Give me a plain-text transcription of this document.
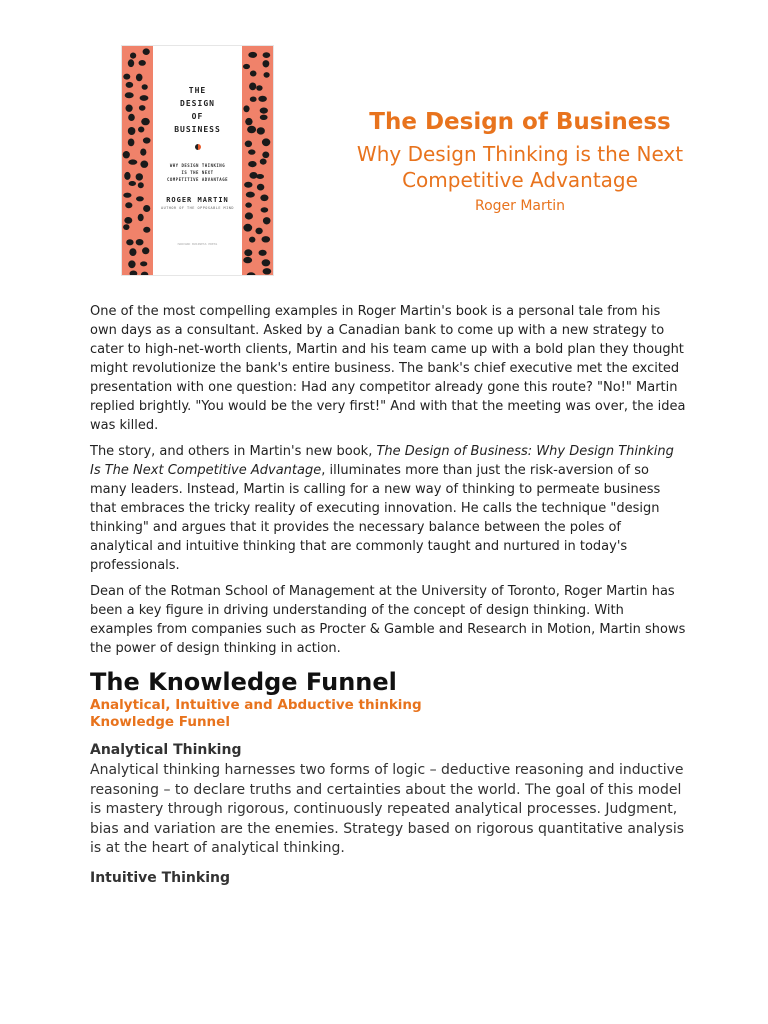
THE
DESIGN
OF
BUSINESS
WHY DESIGN THINKING
IS THE NEXT
COMPETITIVE ADVANTAGE
ROGER MARTIN
AUTHOR OF THE OPPOSABLE MIND
HARVARD BUSINESS PRESS
The Design of Business
Why Design Thinking is the Next Competitive Advantage
Roger Martin

One of the most compelling examples in Roger Martin's book is a personal tale from his own days as a consultant. Asked by a Canadian bank to come up with a new strategy to cater to high-net-worth clients, Martin and his team came up with a bold plan they thought might revolutionize the bank's entire business. The bank's chief executive met the excited presentation with one question: Had any competitor already gone this route? "No!" Martin replied brightly. "You would be the very first!" And with that the meeting was over, the idea was killed.

The story, and others in Martin's new book, The Design of Business: Why Design Thinking Is The Next Competitive Advantage, illuminates more than just the risk-aversion of so many leaders. Instead, Martin is calling for a new way of thinking to permeate business that embraces the tricky reality of executing innovation. He calls the technique "design thinking" and argues that it provides the necessary balance between the poles of analytical and intuitive thinking that are commonly taught and nurtured in today's professionals.

Dean of the Rotman School of Management at the University of Toronto, Roger Martin has been a key figure in driving understanding of the concept of design thinking. With examples from companies such as Procter & Gamble and Research in Motion, Martin shows the power of design thinking in action.

The Knowledge Funnel
Analytical, Intuitive and Abductive thinking
Knowledge Funnel
Analytical Thinking

Analytical thinking harnesses two forms of logic – deductive reasoning and inductive reasoning – to declare truths and certainties about the world. The goal of this model is mastery through rigorous, continuously repeated analytical processes. Judgment, bias and variation are the enemies. Strategy based on rigorous quantitative analysis is at the heart of analytical thinking.

Intuitive Thinking
